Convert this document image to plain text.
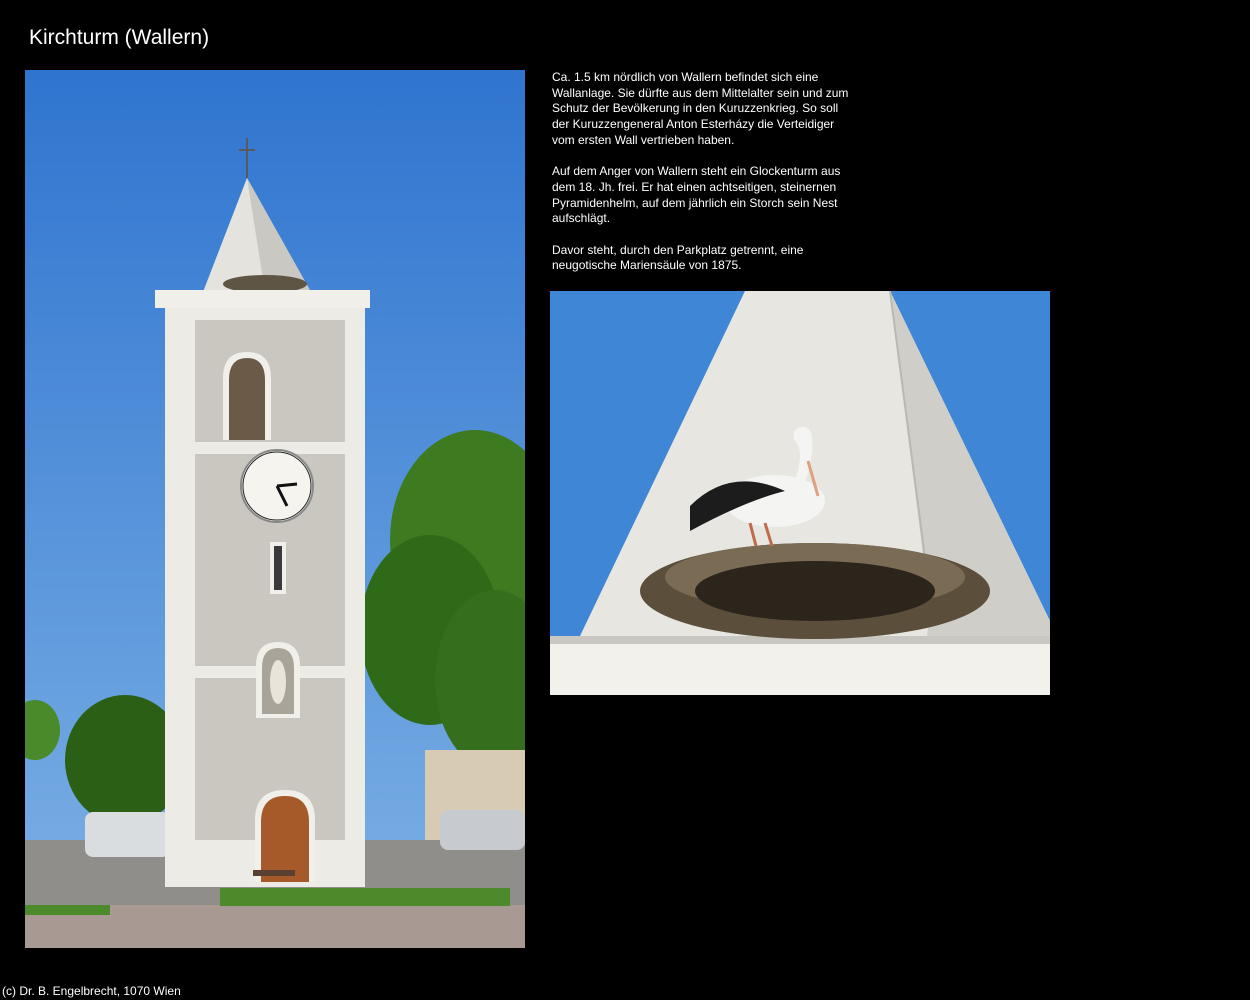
Kirchturm (Wallern)

Ca. 1.5 km nördlich von Wallern befindet sich eine Wallanlage. Sie dürfte aus dem Mittelalter sein und zum Schutz der Bevölkerung in den Kuruzzenkrieg. So soll der Kuruzzengeneral Anton Esterházy die Verteidiger vom ersten Wall vertrieben haben.

Auf dem Anger von Wallern steht ein Glockenturm aus dem 18. Jh. frei. Er hat einen achtseitigen, steinernen Pyramidenhelm, auf dem jährlich ein Storch sein Nest aufschlägt.

Davor steht, durch den Parkplatz getrennt, eine neugotische Mariensäule von 1875.

(c) Dr. B. Engelbrecht, 1070 Wien
